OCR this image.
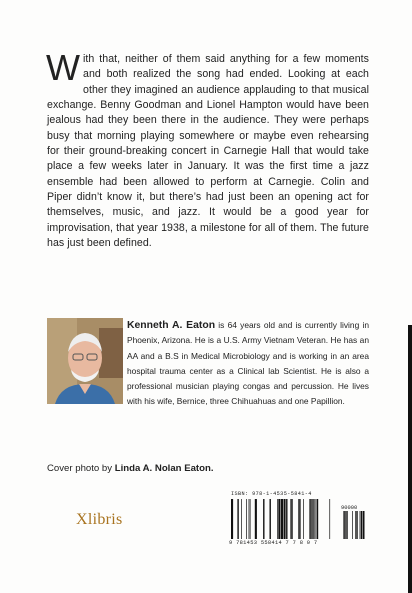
With that, neither of them said anything for a few moments and both realized the song had ended. Looking at each other they imagined an audience applauding to that musical exchange. Benny Goodman and Lionel Hampton would have been jealous had they been there in the audience. They were perhaps busy that morning playing somewhere or maybe even rehearsing for their ground-breaking concert in Carnegie Hall that would take place a few weeks later in January. It was the first time a jazz ensemble had been allowed to perform at Carnegie. Colin and Piper didn’t know it, but there’s had just been an opening act for themselves, music, and jazz. It would be a good year for improvisation, that year 1938, a milestone for all of them. The future has just been defined.
Kenneth A. Eaton is 64 years old and is currently living in Phoenix, Arizona. He is a U.S. Army Vietnam Veteran. He has an AA and a B.S in Medical Microbiology and is working in an area hospital trauma center as a Clinical lab Scientist. He is also a professional musician playing congas and percussion. He lives with his wife, Bernice, three Chihuahuas and one Papillion.
Cover photo by Linda A. Nolan Eaton.
Xlibris
ISBN: 978-1-4535-5841-4
90000
9 781453 558414 7 7 8 0 7
